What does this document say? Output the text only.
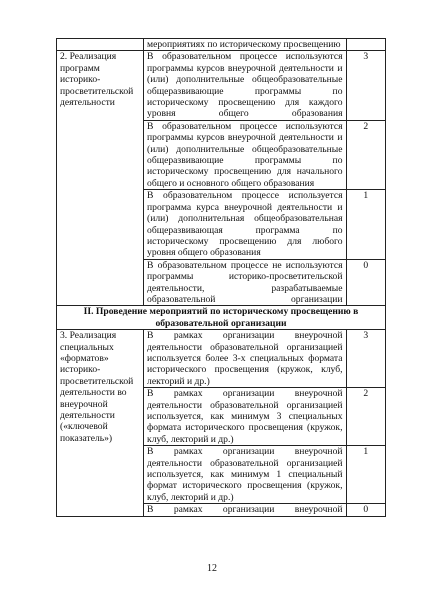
	мероприятиях по историческому просвещению	
2. Реализация программ историко-просветительской деятельности	В образовательном процессе используются программы курсов внеурочной деятельности и (или) дополнительные общеобразовательные общеразвивающие программы по историческому просвещению для каждого уровня общего образования	3
	В образовательном процессе используются программы курсов внеурочной деятельности и (или) дополнительные общеобразовательные общеразвивающие программы по историческому просвещению для начального общего и основного общего образования	2
	В образовательном процессе используется программа курса внеурочной деятельности и (или) дополнительная общеобразовательная общеразвивающая программа по историческому просвещению для любого уровня общего образования	1
	В образовательном процессе не используются программы историко-просветительской деятельности, разрабатываемые образовательной организации	0
II. Проведение мероприятий по историческому просвещению в образовательной организации		
3. Реализация специальных «форматов» историко-просветительской деятельности во внеурочной деятельности («ключевой показатель»)	В рамках организации внеурочной деятельности образовательной организацией используется более 3-х специальных формата исторического просвещения (кружок, клуб, лекторий и др.)	3
	В рамках организации внеурочной деятельности образовательной организацией используется, как минимум 3 специальных формата исторического просвещения (кружок, клуб, лекторий и др.)	2
	В рамках организации внеурочной деятельности образовательной организацией используется, как минимум 1 специальный формат исторического просвещения (кружок, клуб, лекторий и др.)	1
	В рамках организации внеурочной	0
12
